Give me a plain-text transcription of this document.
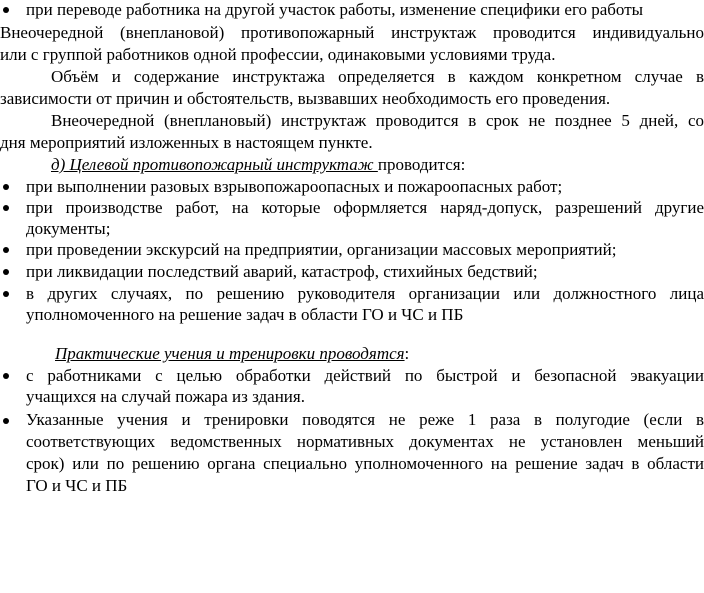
при переводе работника на другой участок работы, изменение специфики его работы
Внеочередной (внеплановой) противопожарный инструктаж проводится индивидуально
или с группой работников одной профессии, одинаковыми условиями труда.
Объём и содержание инструктажа определяется в каждом конкретном случае в
зависимости от причин и обстоятельств, вызвавших необходимость его проведения.
Внеочередной (внеплановый) инструктаж проводится в срок не позднее 5 дней, со
дня мероприятий изложенных в настоящем пункте.
д) Целевой противопожарный инструктаж проводится:
при выполнении разовых взрывопожароопасных и пожароопасных работ;
при производстве работ, на которые оформляется наряд-допуск, разрешений другие
документы;
при проведении экскурсий на предприятии, организации массовых мероприятий;
при ликвидации последствий аварий, катастроф, стихийных бедствий;
в других случаях, по решению руководителя организации или должностного лица
уполномоченного на решение задач в области ГО и ЧС и ПБ
Практические учения и тренировки проводятся:
с работниками с целью обработки действий по быстрой и безопасной эвакуации
учащихся на случай пожара из здания.
Указанные учения и тренировки поводятся не реже 1 раза в полугодие (если в
соответствующих ведомственных нормативных документах не установлен меньший
срок) или по решению органа специально уполномоченного на решение задач в области
ГО и ЧС и ПБ
